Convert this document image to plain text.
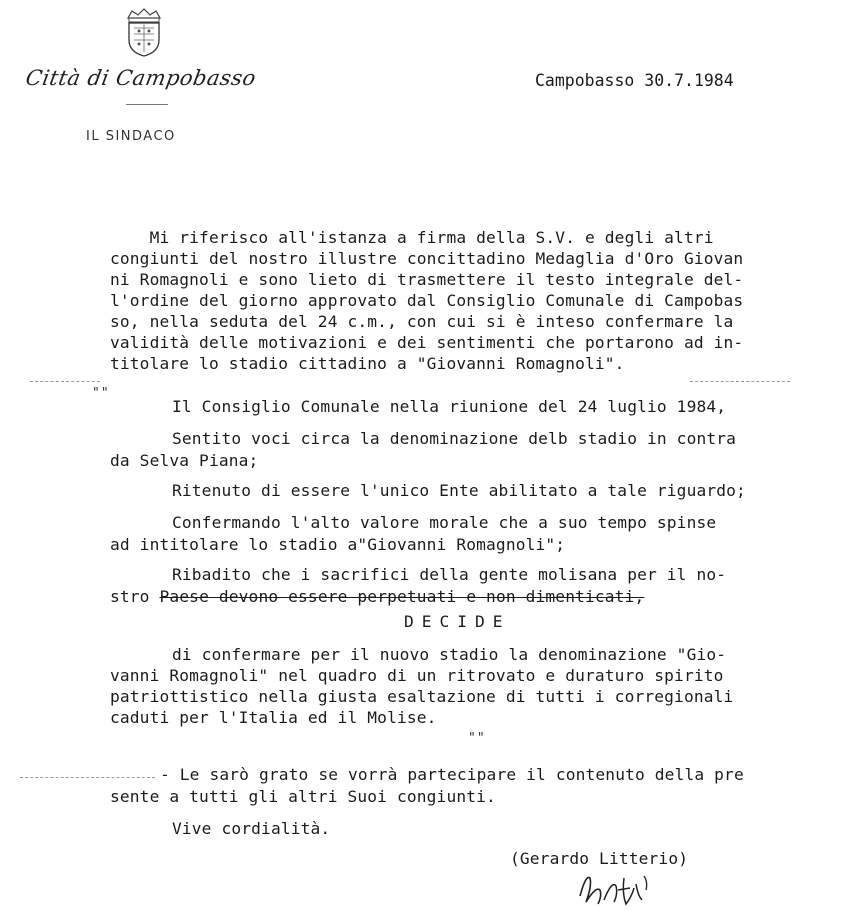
Città di Campobasso
IL SINDACO
Campobasso 30.7.1984
Mi riferisco all'istanza a firma della S.V. e degli altri
congiunti del nostro illustre concittadino Medaglia d'Oro Giovan
ni Romagnoli e sono lieto di trasmettere il testo integrale del-
l'ordine del giorno approvato dal Consiglio Comunale di Campobas
so, nella seduta del 24 c.m., con cui si è inteso confermare la
validità delle motivazioni e dei sentimenti che portarono ad in-
titolare lo stadio cittadino a "Giovanni Romagnoli".
""
Il Consiglio Comunale nella riunione del 24 luglio 1984,
Sentito voci circa la denominazione delb stadio in contra
da Selva Piana;
Ritenuto di essere l'unico Ente abilitato a tale riguardo;
Confermando l'alto valore morale che a suo tempo spinse
ad intitolare lo stadio a"Giovanni Romagnoli";
Ribadito che i sacrifici della gente molisana per il no-
stro Paese devono essere perpetuati e non dimenticati,
DECIDE
di confermare per il nuovo stadio la denominazione "Gio-
vanni Romagnoli" nel quadro di un ritrovato e duraturo spirito
patriottistico nella giusta esaltazione di tutti i corregionali
caduti per l'Italia ed il Molise.
""
- Le sarò grato se vorrà partecipare il contenuto della pre
sente a tutti gli altri Suoi congiunti.
Vive cordialità.
(Gerardo Litterio)
